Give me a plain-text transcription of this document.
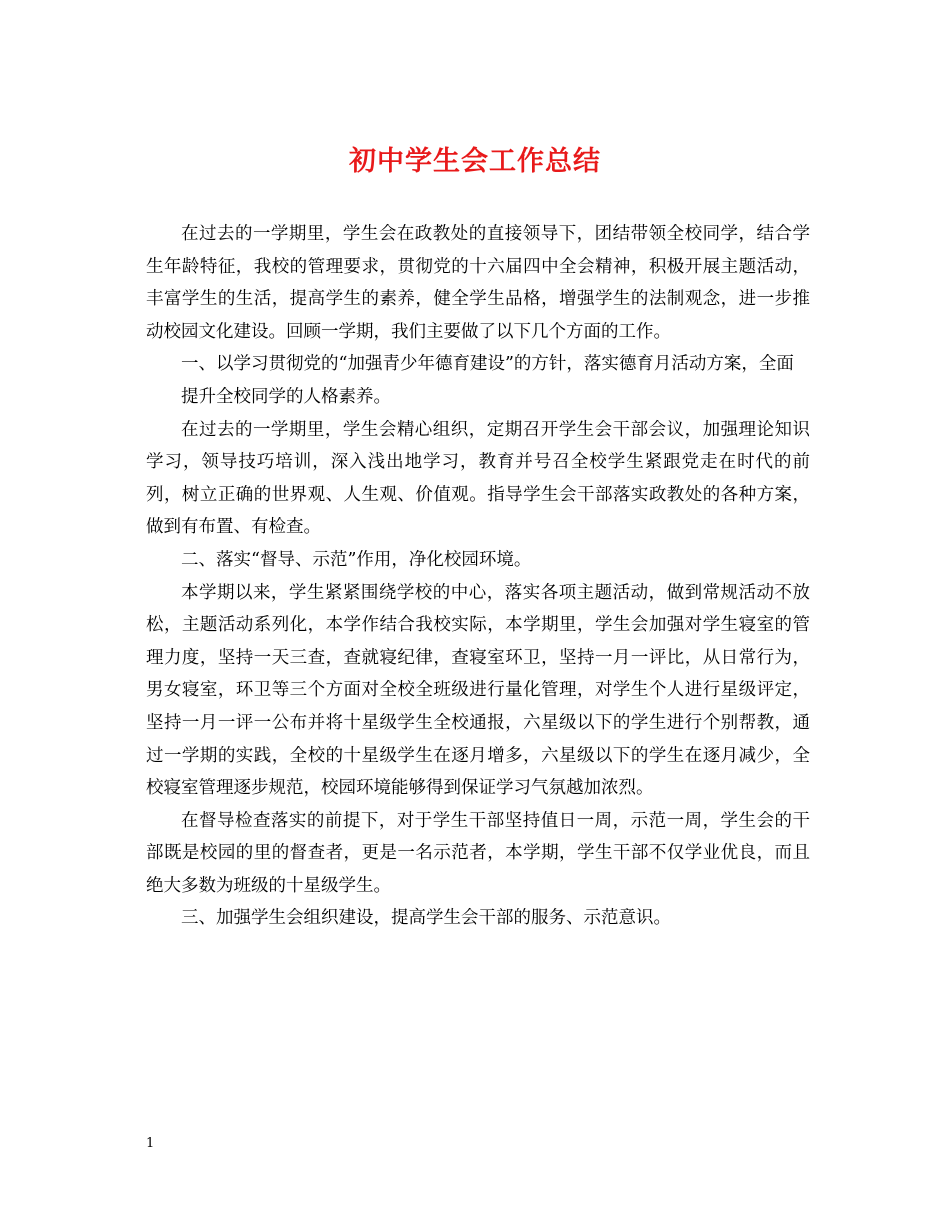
初中学生会工作总结

在过去的一学期里，学生会在政教处的直接领导下，团结带领全校同学，结合学生年龄特征，我校的管理要求，贯彻党的十六届四中全会精神，积极开展主题活动，丰富学生的生活，提高学生的素养，健全学生品格，增强学生的法制观念，进一步推动校园文化建设。回顾一学期，我们主要做了以下几个方面的工作。

一、以学习贯彻党的“加强青少年德育建设”的方针，落实德育月活动方案，全面提升全校同学的人格素养。

在过去的一学期里，学生会精心组织，定期召开学生会干部会议，加强理论知识学习，领导技巧培训，深入浅出地学习，教育并号召全校学生紧跟党走在时代的前列，树立正确的世界观、人生观、价值观。指导学生会干部落实政教处的各种方案，做到有布置、有检查。

二、落实“督导、示范”作用，净化校园环境。

本学期以来，学生紧紧围绕学校的中心，落实各项主题活动，做到常规活动不放松，主题活动系列化，本学作结合我校实际，本学期里，学生会加强对学生寝室的管理力度，坚持一天三查，查就寝纪律，查寝室环卫，坚持一月一评比，从日常行为，男女寝室，环卫等三个方面对全校全班级进行量化管理，对学生个人进行星级评定，坚持一月一评一公布并将十星级学生全校通报，六星级以下的学生进行个别帮教，通过一学期的实践，全校的十星级学生在逐月增多，六星级以下的学生在逐月减少，全校寝室管理逐步规范，校园环境能够得到保证学习气氛越加浓烈。

在督导检查落实的前提下，对于学生干部坚持值日一周，示范一周，学生会的干部既是校园的里的督查者，更是一名示范者，本学期，学生干部不仅学业优良，而且绝大多数为班级的十星级学生。

三、加强学生会组织建设，提高学生会干部的服务、示范意识。

1
